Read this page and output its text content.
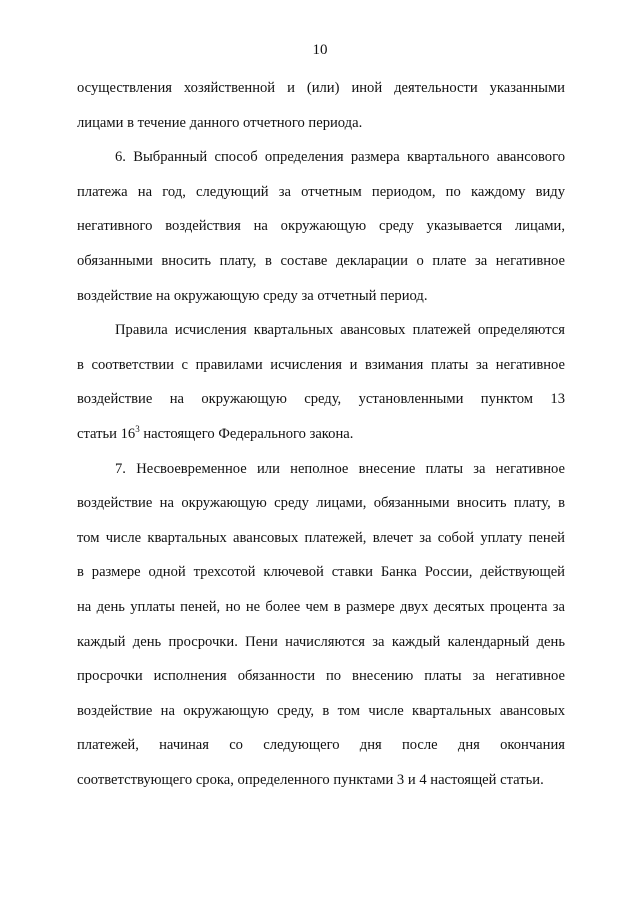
10
осуществления хозяйственной и (или) иной деятельности указанными
лицами в течение данного отчетного периода.
6. Выбранный способ определения размера квартального авансового
платежа на год, следующий за отчетным периодом, по каждому виду
негативного воздействия на окружающую среду указывается лицами,
обязанными вносить плату, в составе декларации о плате за негативное
воздействие на окружающую среду за отчетный период.
Правила исчисления квартальных авансовых платежей определяются
в соответствии с правилами исчисления и взимания платы за негативное
воздействие на окружающую среду, установленными пунктом 13
статьи $16^3$ настоящего Федерального закона.
7. Несвоевременное или неполное внесение платы за негативное
воздействие на окружающую среду лицами, обязанными вносить плату, в
том числе квартальных авансовых платежей, влечет за собой уплату пеней
в размере одной трехсотой ключевой ставки Банка России, действующей
на день уплаты пеней, но не более чем в размере двух десятых процента за
каждый день просрочки. Пени начисляются за каждый календарный день
просрочки исполнения обязанности по внесению платы за негативное
воздействие на окружающую среду, в том числе квартальных авансовых
платежей, начиная со следующего дня после дня окончания
соответствующего срока, определенного пунктами 3 и 4 настоящей статьи.
